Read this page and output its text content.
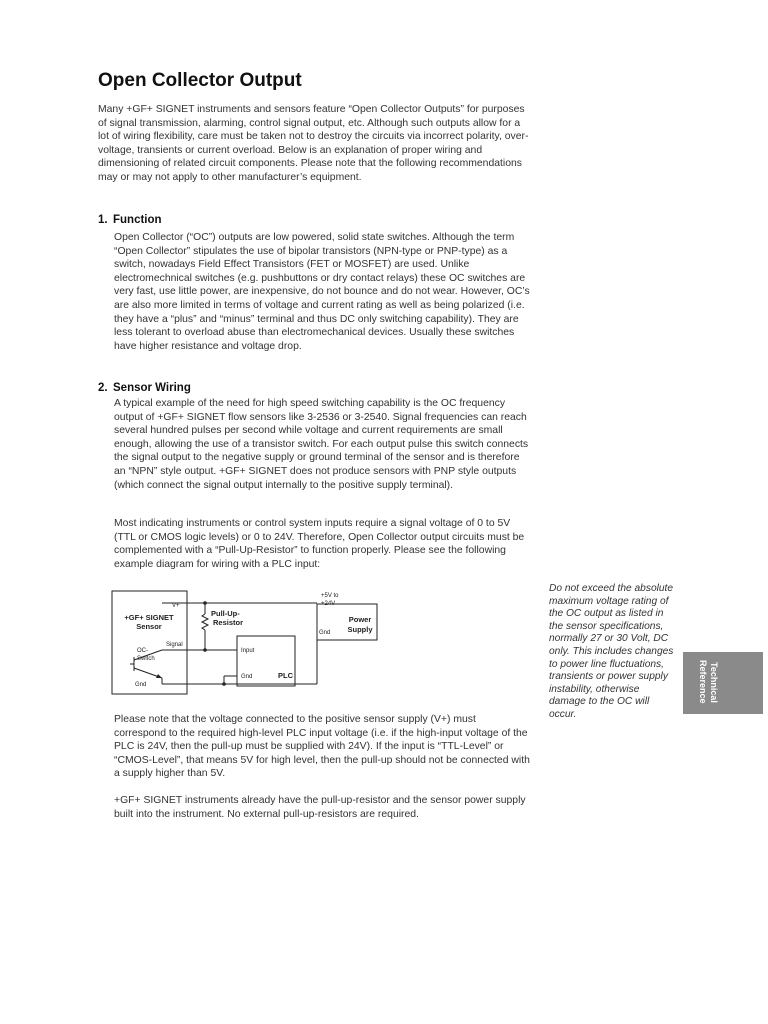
Open Collector Output

Many +GF+ SIGNET instruments and sensors feature “Open Collector Outputs” for purposes of signal transmission, alarming, control signal output, etc. Although such outputs allow for a lot of wiring flexibility, care must be taken not to destroy the circuits via incorrect polarity, over-voltage, transients or current overload. Below is an explanation of proper wiring and dimensioning of related circuit components. Please note that the following recommendations may or may not apply to other manufacturer’s equipment.

1. Function

Open Collector (“OC”) outputs are low powered, solid state switches. Although the term “Open Collector” stipulates the use of bipolar transistors (NPN-type or PNP-type) as a switch, nowadays Field Effect Transistors (FET or MOSFET) are used. Unlike electromechnical switches (e.g. pushbuttons or dry contact relays) these OC switches are very fast, use little power, are inexpensive, do not bounce and do not wear. However, OC’s are also more limited in terms of voltage and current rating as well as being polarized (i.e. they have a “plus” and “minus” terminal and thus DC only switching capability). They are less tolerant to overload abuse than electromechanical devices. Usually these switches have higher resistance and voltage drop.

2. Sensor Wiring

A typical example of the need for high speed switching capability is the OC frequency output of +GF+ SIGNET flow sensors like 3-2536 or 3-2540. Signal frequencies can reach several hundred pulses per second while voltage and current requirements are small enough, allowing the use of a transistor switch. For each output pulse this switch connects the signal output to the negative supply or ground terminal of the sensor and is therefore an “NPN” style output. +GF+ SIGNET does not produce sensors with PNP style outputs (which connect the signal output internally to the positive supply terminal).

Most indicating instruments or control system inputs require a signal voltage of 0 to 5V (TTL or CMOS logic levels) or 0 to 24V. Therefore, Open Collector output circuits must be complemented with a “Pull-Up-Resistor” to function properly. Please see the following example diagram for wiring with a PLC input:

V+
+GF+ SIGNET
Sensor
Signal
OC-
Switch
Gnd
Pull-Up-
Resistor
+5V to
+24V
Gnd
Power
Supply
Input
Gnd	PLC

Do not exceed the absolute maximum voltage rating of the OC output as listed in the sensor specifications, normally 27 or 30 Volt, DC only. This includes changes to power line fluctuations, transients or power supply instability, otherwise damage to the OC will occur.

Please note that the voltage connected to the positive sensor supply (V+) must correspond to the required high-level PLC input voltage (i.e. if the high-input voltage of the PLC is 24V, then the pull-up must be supplied with 24V). If the input is “TTL-Level” or “CMOS-Level”, that means 5V for high level, then the pull-up should not be connected with a supply higher than 5V.

+GF+ SIGNET instruments already have the pull-up-resistor and the sensor power supply built into the instrument. No external pull-up-resistors are required.

Technical
Reference
